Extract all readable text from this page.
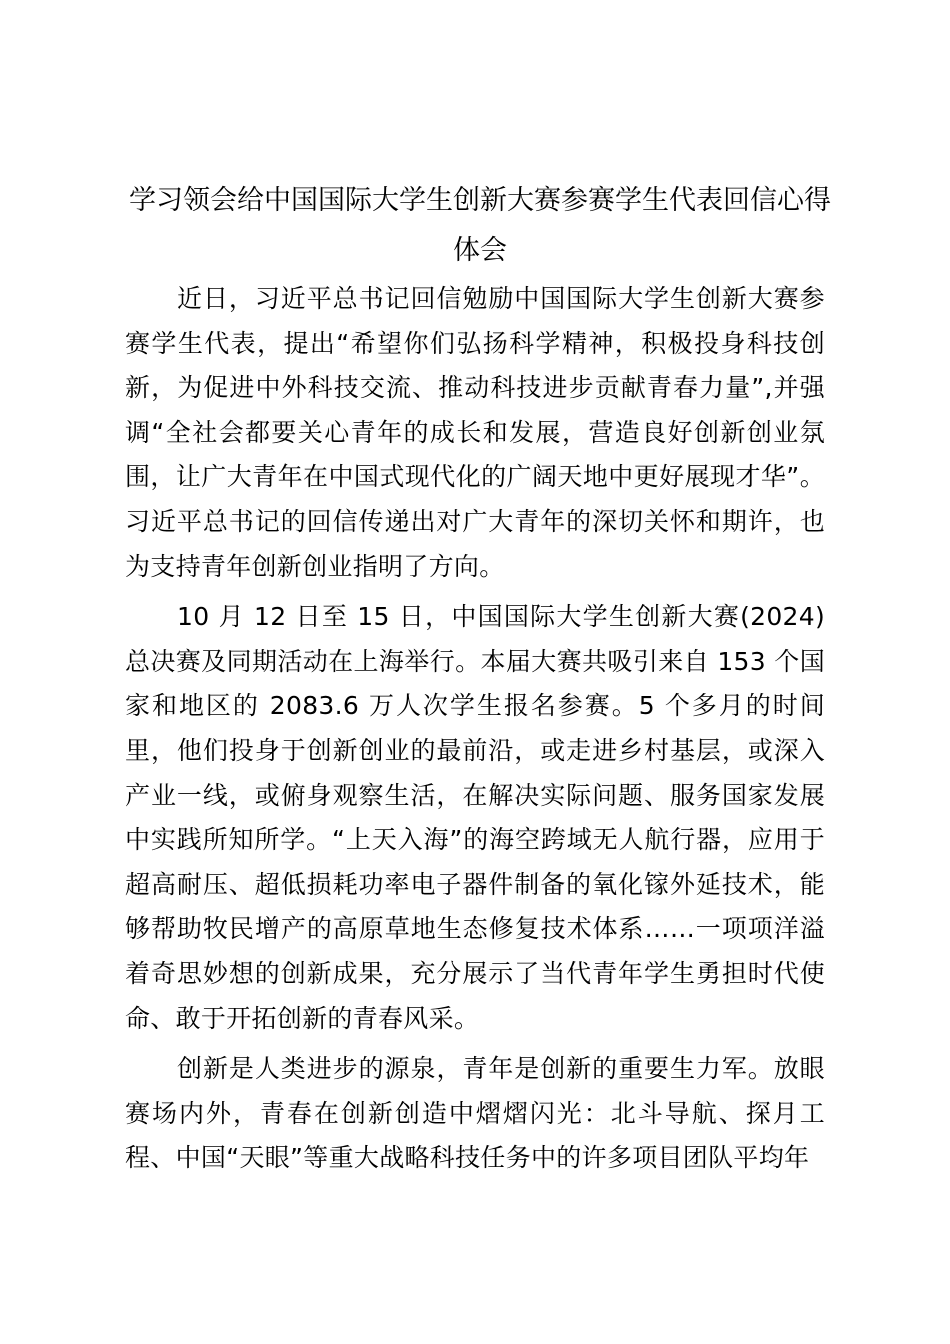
学习领会给中国国际大学生创新大赛参赛学生代表回信心得体会

近日，习近平总书记回信勉励中国国际大学生创新大赛参赛学生代表，提出“希望你们弘扬科学精神，积极投身科技创新，为促进中外科技交流、推动科技进步贡献青春力量”,并强调“全社会都要关心青年的成长和发展，营造良好创新创业氛围，让广大青年在中国式现代化的广阔天地中更好展现才华”。习近平总书记的回信传递出对广大青年的深切关怀和期许，也为支持青年创新创业指明了方向。

10 月 12 日至 15 日，中国国际大学生创新大赛(2024)总决赛及同期活动在上海举行。本届大赛共吸引来自 153 个国家和地区的 2083.6 万人次学生报名参赛。5 个多月的时间里，他们投身于创新创业的最前沿，或走进乡村基层，或深入产业一线，或俯身观察生活，在解决实际问题、服务国家发展中实践所知所学。“上天入海”的海空跨域无人航行器，应用于超高耐压、超低损耗功率电子器件制备的氧化镓外延技术，能够帮助牧民增产的高原草地生态修复技术体系……一项项洋溢着奇思妙想的创新成果，充分展示了当代青年学生勇担时代使命、敢于开拓创新的青春风采。

创新是人类进步的源泉，青年是创新的重要生力军。放眼赛场内外，青春在创新创造中熠熠闪光：北斗导航、探月工程、中国“天眼”等重大战略科技任务中的许多项目团队平均年
